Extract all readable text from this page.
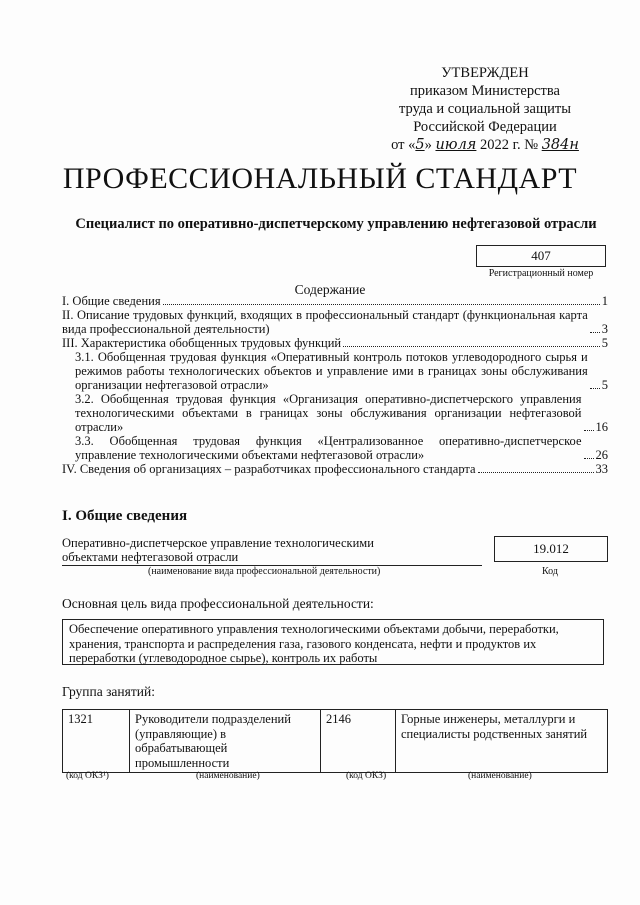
УТВЕРЖДЕН
приказом Министерства
труда и социальной защиты
Российской Федерации
от «5» июля 2022 г. № 384н
ПРОФЕССИОНАЛЬНЫЙ СТАНДАРТ
Специалист по оперативно-диспетчерскому управлению нефтегазовой отрасли
407
Регистрационный номер
Содержание
I. Общие сведения	1
II. Описание трудовых функций, входящих в профессиональный стандарт (функциональная карта вида профессиональной деятельности)	3
III. Характеристика обобщенных трудовых функций	5
3.1. Обобщенная трудовая функция «Оперативный контроль потоков углеводородного сырья и режимов работы технологических объектов и управление ими в границах зоны обслуживания организации нефтегазовой отрасли»	5
3.2. Обобщенная трудовая функция «Организация оперативно-диспетчерского управления технологическими объектами в границах зоны обслуживания организации нефтегазовой отрасли»	16
3.3. Обобщенная трудовая функция «Централизованное оперативно-диспетчерское управление технологическими объектами нефтегазовой отрасли»	26
IV. Сведения об организациях – разработчиках профессионального стандарта	33
I. Общие сведения
Оперативно-диспетчерское управление технологическими объектами нефтегазовой отрасли
(наименование вида профессиональной деятельности)
19.012
Код
Основная цель вида профессиональной деятельности:
Обеспечение оперативного управления технологическими объектами добычи, переработки, хранения, транспорта и распределения газа, газового конденсата, нефти и продуктов их переработки (углеводородное сырье), контроль их работы
Группа занятий:
1321	Руководители подразделений (управляющие) в обрабатывающей промышленности	2146	Горные инженеры, металлурги и специалисты родственных занятий
(код ОКЗ¹)	(наименование)	(код ОКЗ)	(наименование)
